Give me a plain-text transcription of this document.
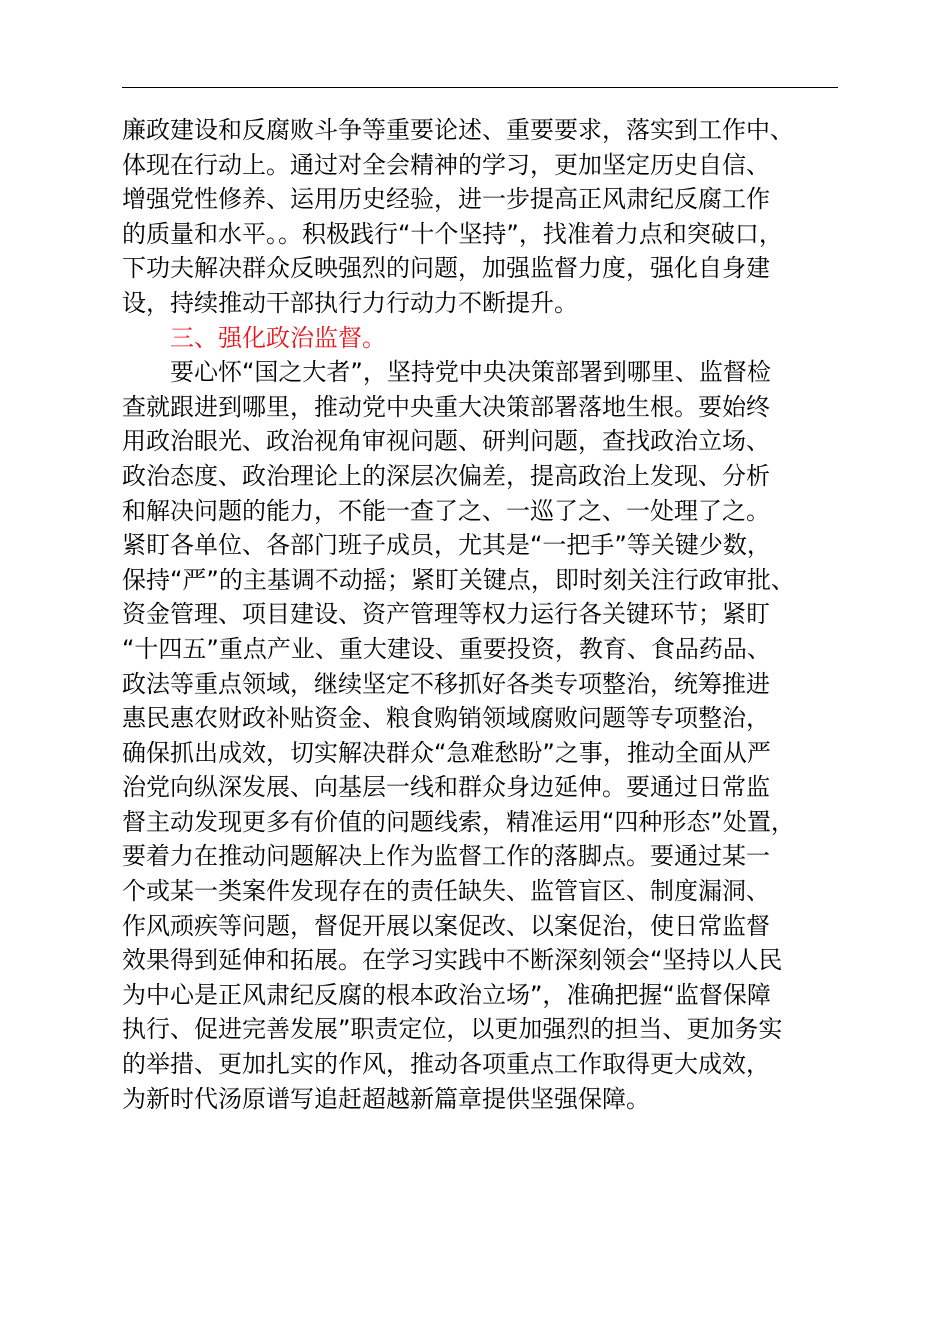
廉政建设和反腐败斗争等重要论述、重要要求，落实到工作中、
体现在行动上。通过对全会精神的学习，更加坚定历史自信、
增强党性修养、运用历史经验，进一步提高正风肃纪反腐工作
的质量和水平。。积极践行“十个坚持”，找准着力点和突破口，
下功夫解决群众反映强烈的问题，加强监督力度，强化自身建
设，持续推动干部执行力行动力不断提升。
三、强化政治监督。
要心怀“国之大者”，坚持党中央决策部署到哪里、监督检
查就跟进到哪里，推动党中央重大决策部署落地生根。要始终
用政治眼光、政治视角审视问题、研判问题，查找政治立场、
政治态度、政治理论上的深层次偏差，提高政治上发现、分析
和解决问题的能力，不能一查了之、一巡了之、一处理了之。
紧盯各单位、各部门班子成员，尤其是“一把手”等关键少数，
保持“严”的主基调不动摇；紧盯关键点，即时刻关注行政审批、
资金管理、项目建设、资产管理等权力运行各关键环节；紧盯
“十四五”重点产业、重大建设、重要投资，教育、食品药品、
政法等重点领域，继续坚定不移抓好各类专项整治，统筹推进
惠民惠农财政补贴资金、粮食购销领域腐败问题等专项整治，
确保抓出成效，切实解决群众“急难愁盼”之事，推动全面从严
治党向纵深发展、向基层一线和群众身边延伸。要通过日常监
督主动发现更多有价值的问题线索，精准运用“四种形态”处置，
要着力在推动问题解决上作为监督工作的落脚点。要通过某一
个或某一类案件发现存在的责任缺失、监管盲区、制度漏洞、
作风顽疾等问题，督促开展以案促改、以案促治，使日常监督
效果得到延伸和拓展。在学习实践中不断深刻领会“坚持以人民
为中心是正风肃纪反腐的根本政治立场”，准确把握“监督保障
执行、促进完善发展”职责定位，以更加强烈的担当、更加务实
的举措、更加扎实的作风，推动各项重点工作取得更大成效，
为新时代汤原谱写追赶超越新篇章提供坚强保障。
